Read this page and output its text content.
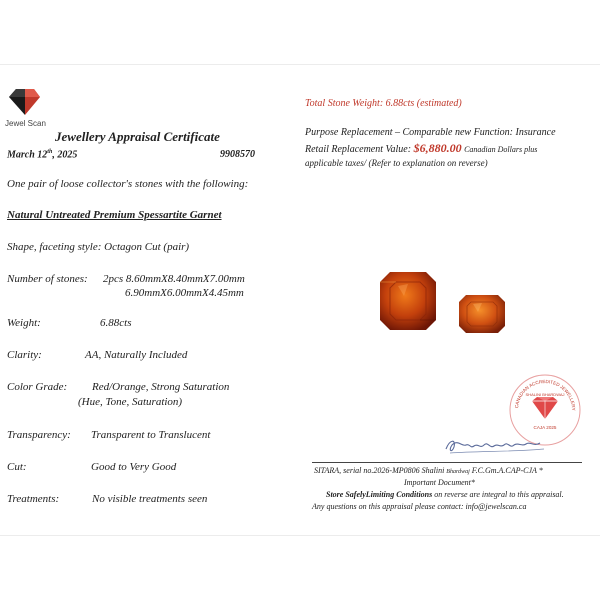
Jewel Scan
Jewellery Appraisal Certificate
March 12th, 2025	9908570
One pair of loose collector's stones with the following:
Natural Untreated Premium Spessartite Garnet
Shape, faceting style: Octagon Cut (pair)
Number of stones: 2pcs 8.60mmX8.40mmX7.00mm
6.90mmX6.00mmX4.45mm
Weight:	6.88cts
Clarity:	AA, Naturally Included
Color Grade: Red/Orange, Strong Saturation
(Hue, Tone, Saturation)
Transparency: Transparent to Translucent
Cut:	Good to Very Good
Treatments:	No visible treatments seen
Total Stone Weight: 6.88cts (estimated)
Purpose Replacement – Comparable new Function: Insurance
Retail Replacement Value: $6,880.00 Canadian Dollars plus
applicable taxes/ (Refer to explanation on reverse)
CANADIAN ACCREDITED JEWELLERY
SHALINI BHARDWAJ
CAJA 2025
SITARA, serial no.2026-MP0806 Shalini Bhardwaj F.C.Gm.A.CAP-CJA *
Important Document*
Store SafelyLimiting Conditions on reverse are integral to this appraisal.
Any questions on this appraisal please contact: info@jewelscan.ca
